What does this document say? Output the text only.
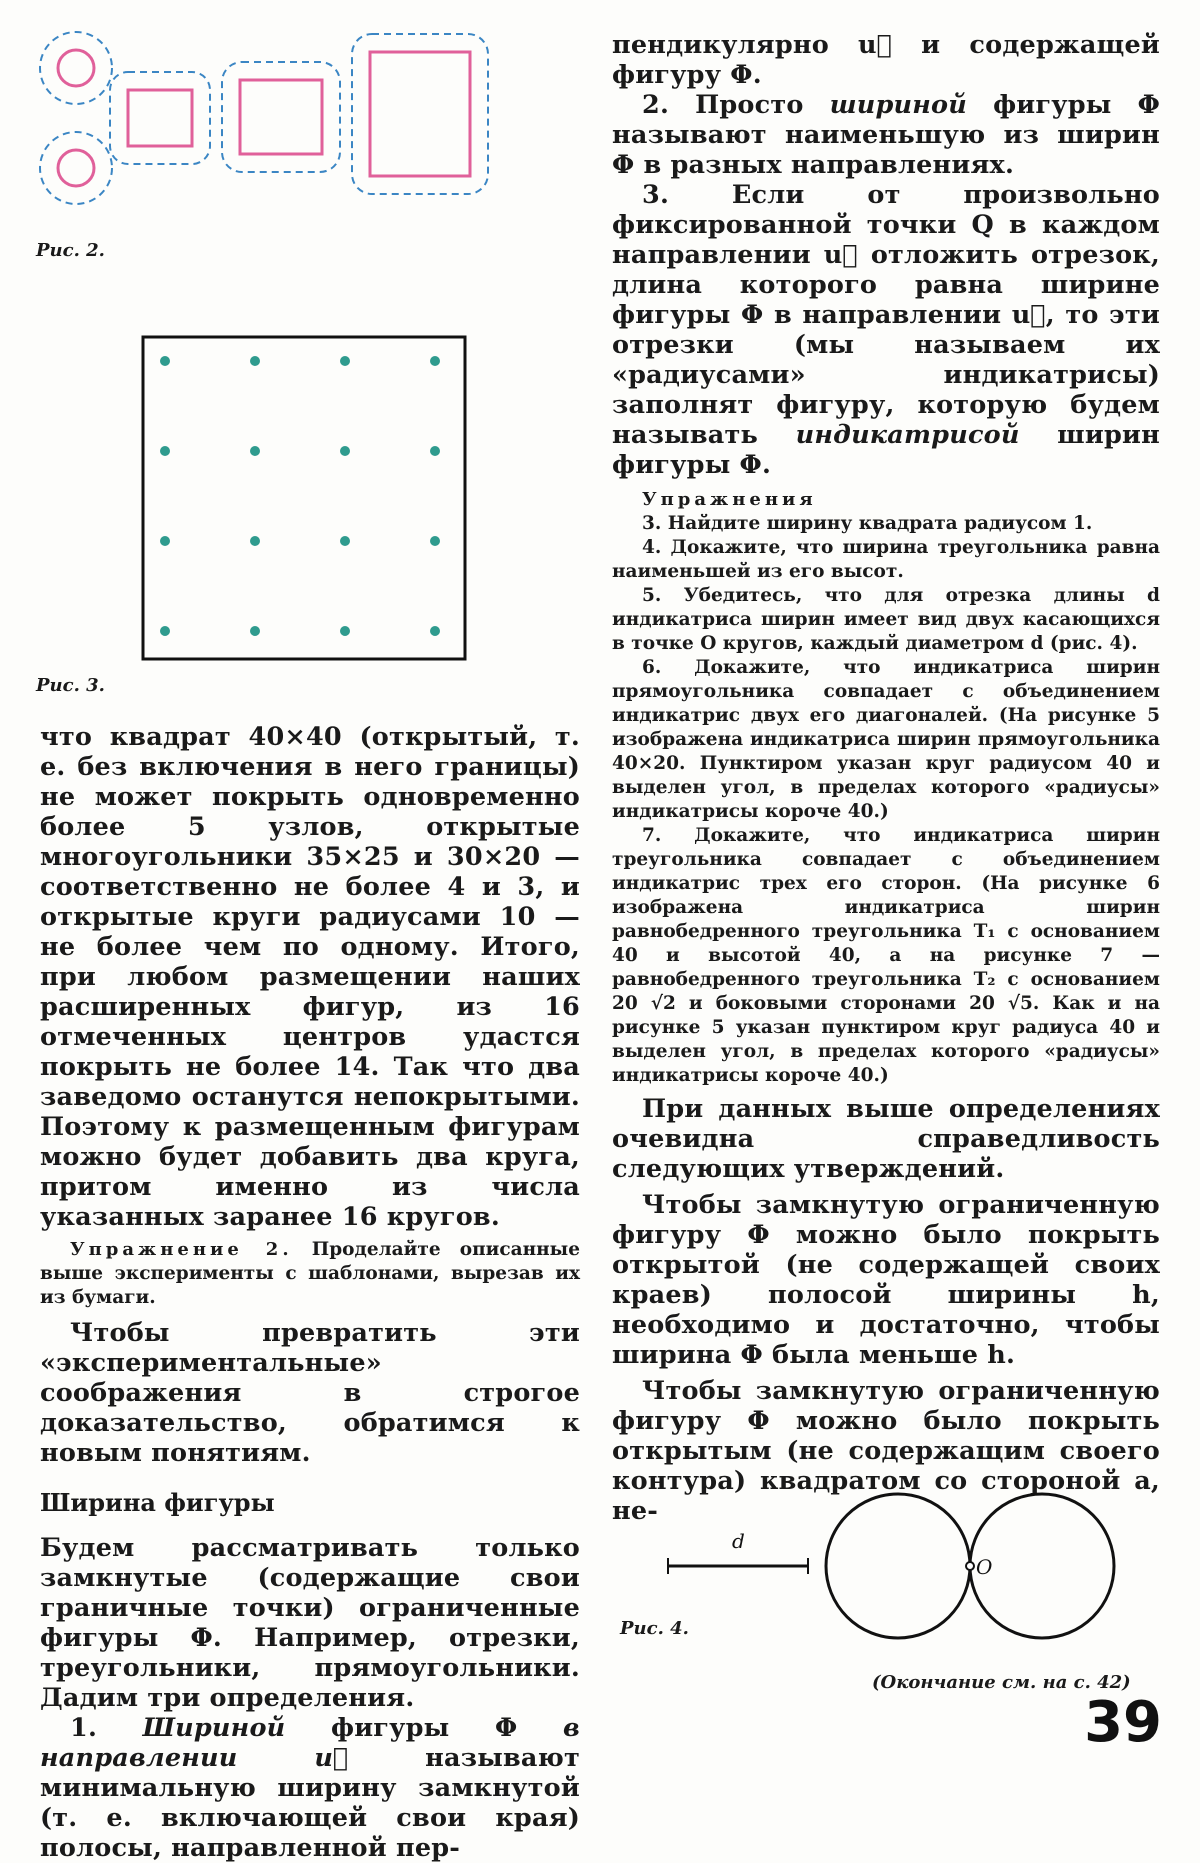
Рис. 2.
Рис. 3.

что квадрат 40×40 (открытый, т. е. без включения в него границы) не может покрыть одновременно более 5 узлов, открытые многоугольники 35×25 и 30×20 — соответственно не более 4 и 3, и открытые круги радиусами 10 — не более чем по одному. Итого, при любом размещении наших расширенных фигур, из 16 отмеченных центров удастся покрыть не более 14. Так что два заведомо останутся непокрытыми. Поэтому к размещенным фигурам можно будет добавить два круга, притом именно из числа указанных заранее 16 кругов.

Упражнение 2. Проделайте описанные выше эксперименты с шаблонами, вырезав их из бумаги.

Чтобы превратить эти «экспериментальные» соображения в строгое доказательство, обратимся к новым понятиям.

Ширина фигуры

Будем рассматривать только замкнутые (содержащие свои граничные точки) ограниченные фигуры Φ. Например, отрезки, треугольники, прямоугольники. Дадим три определения.

1. Шириной фигуры Φ в направлении u⃗ называют минимальную ширину замкнутой (т. е. включающей свои края) полосы, направленной пер-

пендикулярно u⃗ и содержащей фигуру Φ.

2. Просто шириной фигуры Φ называют наименьшую из ширин Φ в разных направлениях.

3. Если от произвольно фиксированной точки Q в каждом направлении u⃗ отложить отрезок, длина которого равна ширине фигуры Φ в направлении u⃗, то эти отрезки (мы называем их «радиусами» индикатрисы) заполнят фигуру, которую будем называть индикатрисой ширин фигуры Φ.

Упражнения

3. Найдите ширину квадрата радиусом 1.

4. Докажите, что ширина треугольника равна наименьшей из его высот.

5. Убедитесь, что для отрезка длины d индикатриса ширин имеет вид двух касающихся в точке O кругов, каждый диаметром d (рис. 4).

6. Докажите, что индикатриса ширин прямоугольника совпадает с объединением индикатрис двух его диагоналей. (На рисунке 5 изображена индикатриса ширин прямоугольника 40×20. Пунктиром указан круг радиусом 40 и выделен угол, в пределах которого «радиусы» индикатрисы короче 40.)

7. Докажите, что индикатриса ширин треугольника совпадает с объединением индикатрис трех его сторон. (На рисунке 6 изображена индикатриса ширин равнобедренного треугольника T₁ с основанием 40 и высотой 40, а на рисунке 7 — равнобедренного треугольника T₂ с основанием 20 √2 и боковыми сторонами 20 √5. Как и на рисунке 5 указан пунктиром круг радиуса 40 и выделен угол, в пределах которого «радиусы» индикатрисы короче 40.)

При данных выше определениях очевидна справедливость следующих утверждений.

Чтобы замкнутую ограниченную фигуру Φ можно было покрыть открытой (не содержащей своих краев) полосой ширины h, необходимо и достаточно, чтобы ширина Φ была меньше h.

Чтобы замкнутую ограниченную фигуру Φ можно было покрыть открытым (не содержащим своего контура) квадратом со стороной a, не-

d
O
Рис. 4.
(Окончание см. на с. 42)
39
